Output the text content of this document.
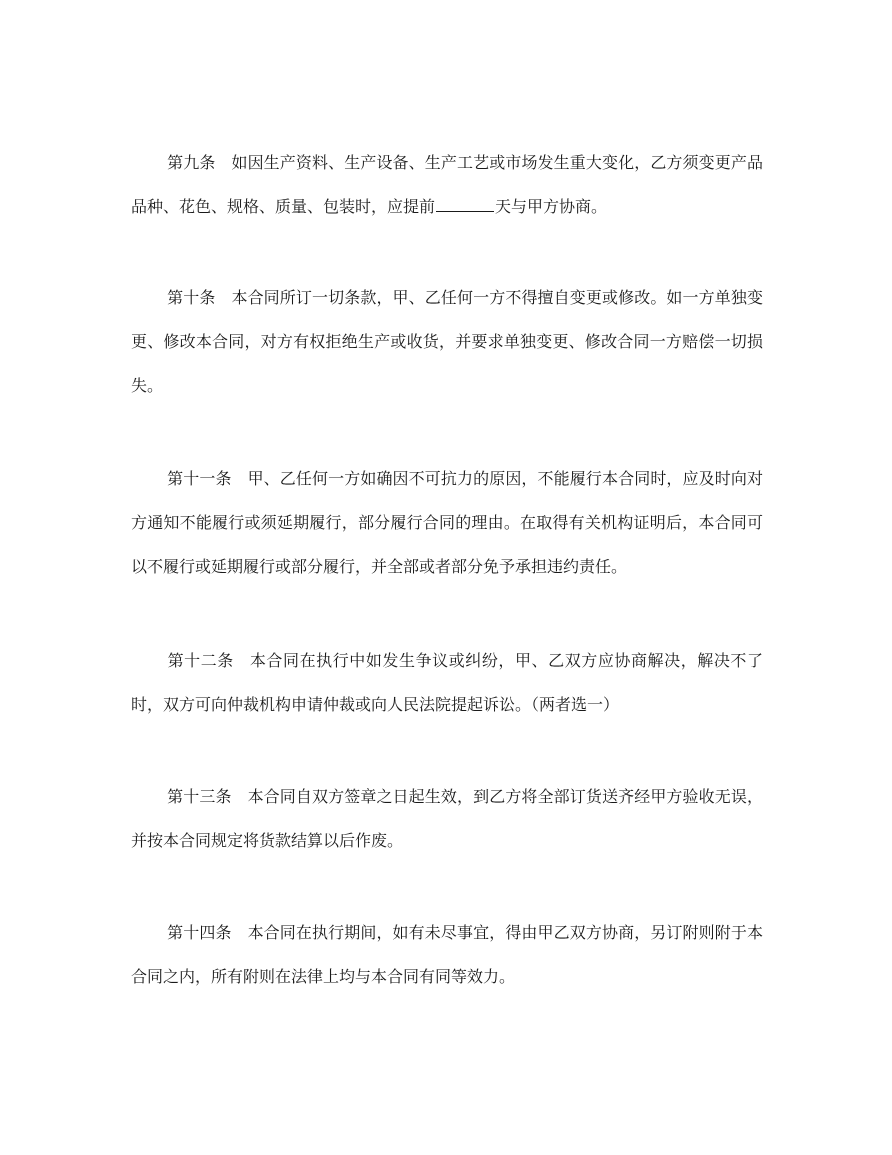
第九条 如因生产资料、生产设备、生产工艺或市场发生重大变化，乙方须变更产品品种、花色、规格、质量、包装时，应提前	天与甲方协商。

第十条 本合同所订一切条款，甲、乙任何一方不得擅自变更或修改。如一方单独变更、修改本合同，对方有权拒绝生产或收货，并要求单独变更、修改合同一方赔偿一切损失。

第十一条 甲、乙任何一方如确因不可抗力的原因，不能履行本合同时，应及时向对方通知不能履行或须延期履行，部分履行合同的理由。在取得有关机构证明后，本合同可以不履行或延期履行或部分履行，并全部或者部分免予承担违约责任。

第十二条 本合同在执行中如发生争议或纠纷，甲、乙双方应协商解决，解决不了时，双方可向仲裁机构申请仲裁或向人民法院提起诉讼。（两者选一）

第十三条 本合同自双方签章之日起生效，到乙方将全部订货送齐经甲方验收无误，并按本合同规定将货款结算以后作废。

第十四条 本合同在执行期间，如有未尽事宜，得由甲乙双方协商，另订附则附于本合同之内，所有附则在法律上均与本合同有同等效力。
